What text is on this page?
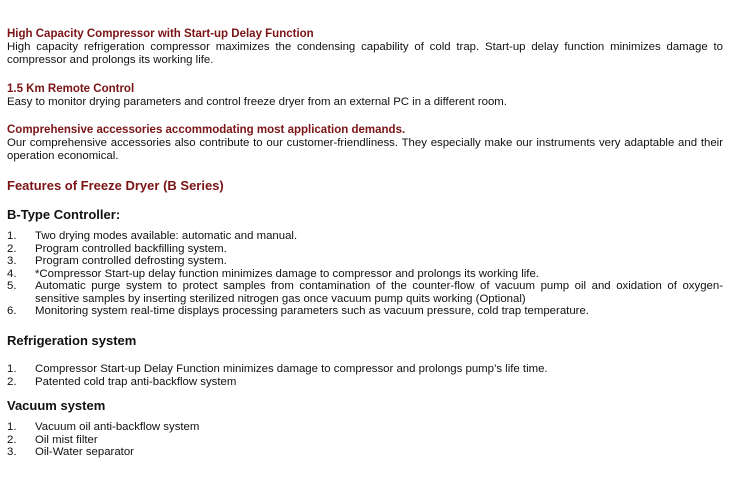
High Capacity Compressor with Start-up Delay Function
High capacity refrigeration compressor maximizes the condensing capability of cold trap. Start-up delay function minimizes damage to compressor and prolongs its working life.
1.5 Km Remote Control
Easy to monitor drying parameters and control freeze dryer from an external PC in a different room.
Comprehensive accessories accommodating most application demands.
Our comprehensive accessories also contribute to our customer-friendliness. They especially make our instruments very adaptable and their operation economical.
Features of Freeze Dryer (B Series)
B-Type Controller:
1. Two drying modes available: automatic and manual.
2. Program controlled backfilling system.
3. Program controlled defrosting system.
4. *Compressor Start-up delay function minimizes damage to compressor and prolongs its working life.
5. Automatic purge system to protect samples from contamination of the counter-flow of vacuum pump oil and oxidation of oxygen-sensitive samples by inserting sterilized nitrogen gas once vacuum pump quits working (Optional)
6. Monitoring system real-time displays processing parameters such as vacuum pressure, cold trap temperature.
Refrigeration system
1. Compressor Start-up Delay Function minimizes damage to compressor and prolongs pump’s life time.
2. Patented cold trap anti-backflow system
Vacuum system
1. Vacuum oil anti-backflow system
2. Oil mist filter
3. Oil-Water separator
